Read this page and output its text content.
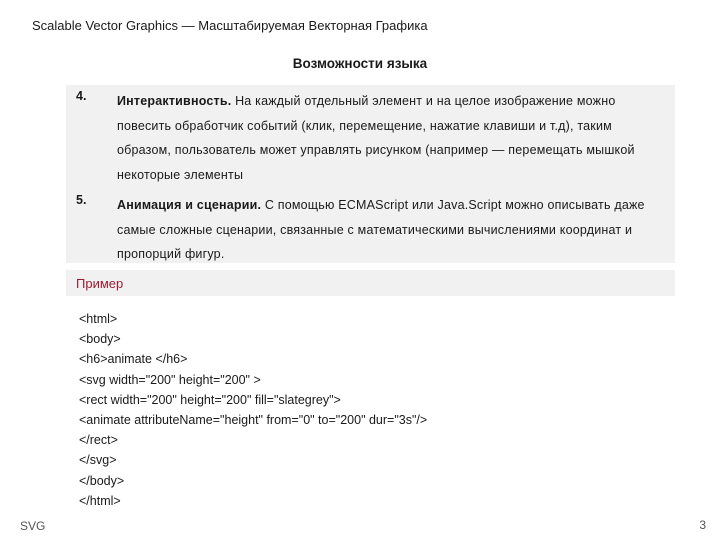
Scalable Vector Graphics — Масштабируемая Векторная Графика
Возможности языка
4. Интерактивность. На каждый отдельный элемент и на целое изображение можно повесить обработчик событий (клик, перемещение, нажатие клавиши и т.д), таким образом, пользователь может управлять рисунком (например — перемещать мышкой некоторые элементы
5. Анимация и сценарии. С помощью ECMAScript или Java.Script можно описывать даже самые сложные сценарии, связанные с математическими вычислениями координат и пропорций фигур.
Пример
<html>
<body>
<h6>animate </h6>
<svg width="200" height="200" >
<rect width="200" height="200" fill="slategrey">
<animate attributeName="height" from="0" to="200" dur="3s"/>
</rect>
</svg>
</body>
</html>
SVG	3
